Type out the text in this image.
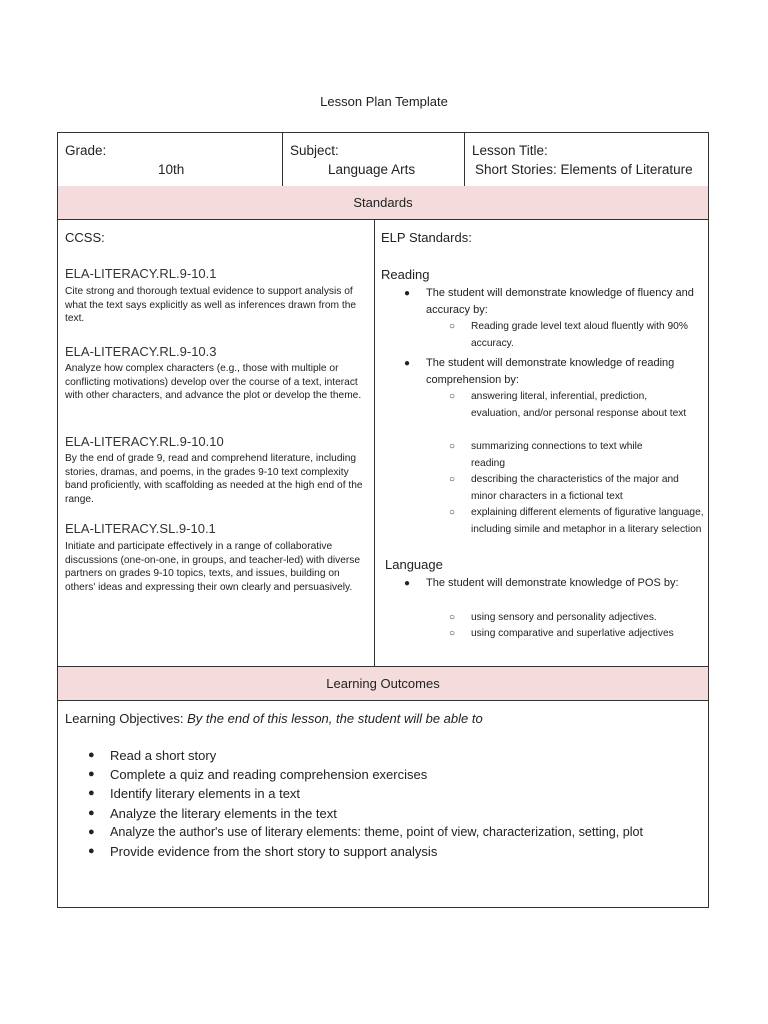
Lesson Plan Template
Grade:
10th
Subject:
Language Arts
Lesson Title:
Short Stories: Elements of Literature
Standards
CCSS:
ELA-LITERACY.RL.9-10.1
Cite strong and thorough textual evidence to support analysis of what the text says explicitly as well as inferences drawn from the text.
ELA-LITERACY.RL.9-10.3
Analyze how complex characters (e.g., those with multiple or conflicting motivations) develop over the course of a text, interact with other characters, and advance the plot or develop the theme.
ELA-LITERACY.RL.9-10.10
By the end of grade 9, read and comprehend literature, including stories, dramas, and poems, in the grades 9-10 text complexity band proficiently, with scaffolding as needed at the high end of the range.
ELA-LITERACY.SL.9-10.1
Initiate and participate effectively in a range of collaborative discussions (one-on-one, in groups, and teacher-led) with diverse partners on grades 9-10 topics, texts, and issues, building on others' ideas and expressing their own clearly and persuasively.
ELP Standards:
Reading
● The student will demonstrate knowledge of fluency and accuracy by:
○ Reading grade level text aloud fluently with 90% accuracy.
● The student will demonstrate knowledge of reading comprehension by:
○ answering literal, inferential, prediction, evaluation, and/or personal response about text
○ summarizing connections to text while reading
○ describing the characteristics of the major and minor characters in a fictional text
○ explaining different elements of figurative language, including simile and metaphor in a literary selection
Language
● The student will demonstrate knowledge of POS by:
○ using sensory and personality adjectives.
○ using comparative and superlative adjectives
Learning Outcomes
Learning Objectives: By the end of this lesson, the student will be able to
● Read a short story
● Complete a quiz and reading comprehension exercises
● Identify literary elements in a text
● Analyze the literary elements in the text
● Analyze the author's use of literary elements: theme, point of view, characterization, setting, plot
● Provide evidence from the short story to support analysis
